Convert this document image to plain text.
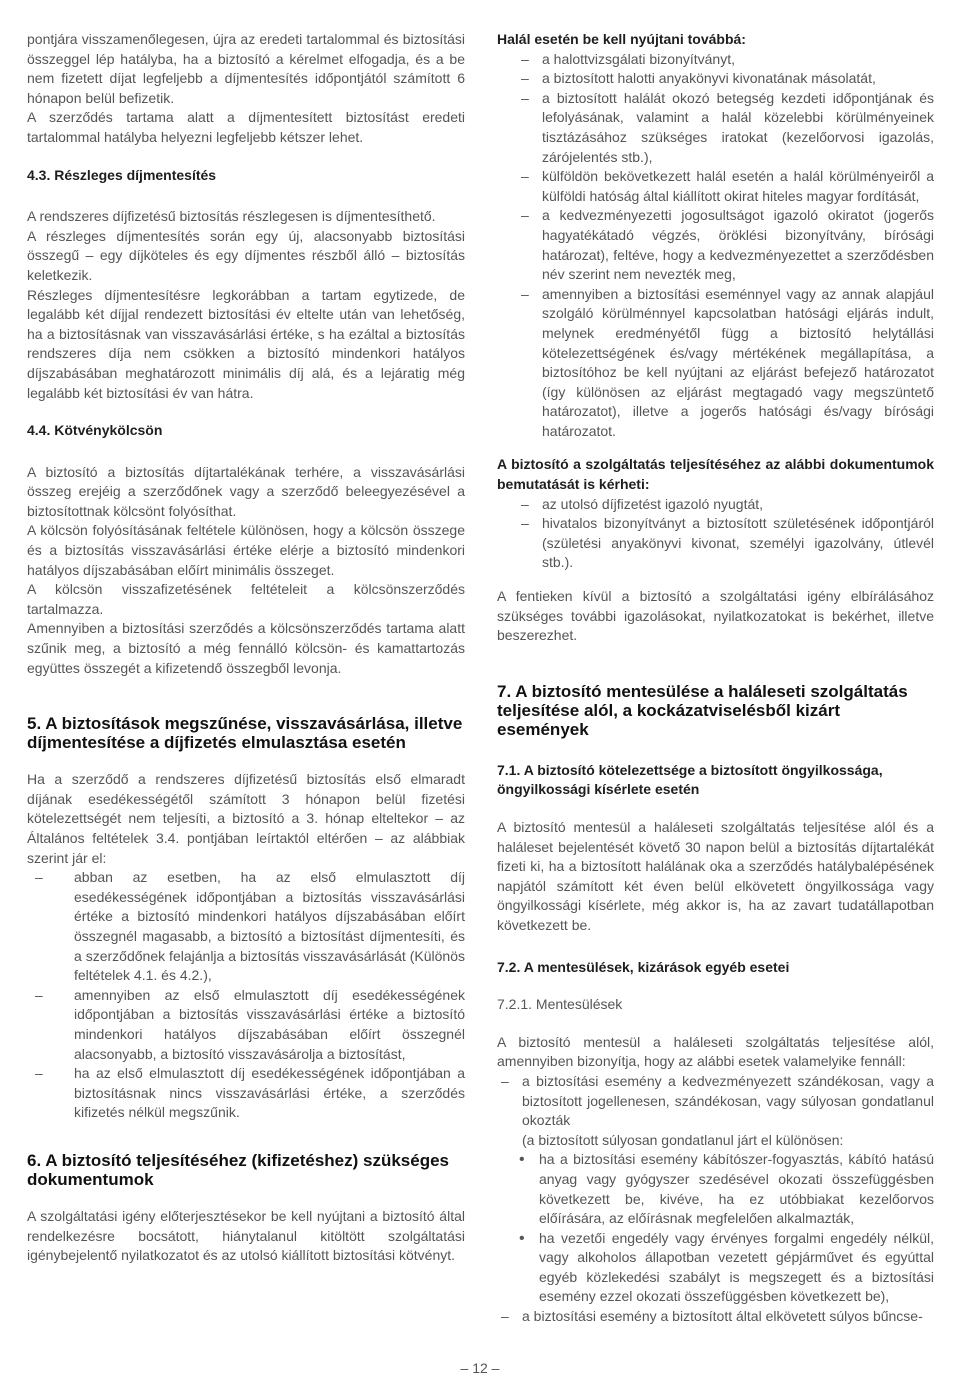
pontjára visszamenőlegesen, újra az eredeti tartalommal és biztosítási összeggel lép hatályba, ha a biztosító a kérelmet elfogadja, és a be nem fizetett díjat legfeljebb a díjmentesítés időpontjától számított 6 hónapon belül befizetik.

A szerződés tartama alatt a díjmentesített biztosítást eredeti tartalommal hatályba helyezni legfeljebb kétszer lehet.

4.3. Részleges díjmentesítés

A rendszeres díjfizetésű biztosítás részlegesen is díjmentesíthető.

A részleges díjmentesítés során egy új, alacsonyabb biztosítási összegű – egy díjköteles és egy díjmentes részből álló – biztosítás keletkezik.

Részleges díjmentesítésre legkorábban a tartam egytizede, de legalább két díjjal rendezett biztosítási év eltelte után van lehetőség, ha a biztosításnak van visszavásárlási értéke, s ha ezáltal a biztosítás rendszeres díja nem csökken a biztosító mindenkori hatályos díjszabásában meghatározott minimális díj alá, és a lejáratig még legalább két biztosítási év van hátra.

4.4. Kötvénykölcsön

A biztosító a biztosítás díjtartalékának terhére, a visszavásárlási összeg erejéig a szerződőnek vagy a szerződő beleegyezésével a biztosítottnak kölcsönt folyósíthat.

A kölcsön folyósításának feltétele különösen, hogy a kölcsön összege és a biztosítás visszavásárlási értéke elérje a biztosító mindenkori hatályos díjszabásában előírt minimális összeget.

A kölcsön visszafizetésének feltételeit a kölcsönszerződés tartalmazza.

Amennyiben a biztosítási szerződés a kölcsönszerződés tartama alatt szűnik meg, a biztosító a még fennálló kölcsön- és kamattartozás együttes összegét a kifizetendő összegből levonja.

5. A biztosítások megszűnése, visszavásárlása, illetve díjmentesítése a díjfizetés elmulasztása esetén

Ha a szerződő a rendszeres díjfizetésű biztosítás első elmaradt díjának esedékességétől számított 3 hónapon belül fizetési kötelezettségét nem teljesíti, a biztosító a 3. hónap elteltekor – az Általános feltételek 3.4. pontjában leírtaktól eltérően – az alábbiak szerint jár el:

– abban az esetben, ha az első elmulasztott díj esedékességének időpontjában a biztosítás visszavásárlási értéke a biztosító mindenkori hatályos díjszabásában előírt összegnél magasabb, a biztosító a biztosítást díjmentesíti, és a szerződőnek felajánlja a biztosítás visszavásárlását (Különös feltételek 4.1. és 4.2.),
– amennyiben az első elmulasztott díj esedékességének időpontjában a biztosítás visszavásárlási értéke a biztosító mindenkori hatályos díjszabásában előírt összegnél alacsonyabb, a biztosító visszavásárolja a biztosítást,
– ha az első elmulasztott díj esedékességének időpontjában a biztosításnak nincs visszavásárlási értéke, a szerződés kifizetés nélkül megszűnik.

6. A biztosító teljesítéséhez (kifizetéshez) szükséges dokumentumok

A szolgáltatási igény előterjesztésekor be kell nyújtani a biztosító által rendelkezésre bocsátott, hiánytalanul kitöltött szolgáltatási igénybejelentő nyilatkozatot és az utolsó kiállított biztosítási kötvényt.

Halál esetén be kell nyújtani továbbá:

– a halottvizsgálati bizonyítványt,
– a biztosított halotti anyakönyvi kivonatának másolatát,
– a biztosított halálát okozó betegség kezdeti időpontjának és lefolyásának, valamint a halál közelebbi körülményeinek tisztázásához szükséges iratokat (kezelőorvosi igazolás, zárójelentés stb.),
– külföldön bekövetkezett halál esetén a halál körülményeiről a külföldi hatóság által kiállított okirat hiteles magyar fordítását,
– a kedvezményezetti jogosultságot igazoló okiratot (jogerős hagyatékátadó végzés, öröklési bizonyítvány, bírósági határozat), feltéve, hogy a kedvezményezettet a szerződésben név szerint nem nevezték meg,
– amennyiben a biztosítási eseménnyel vagy az annak alapjául szolgáló körülménnyel kapcsolatban hatósági eljárás indult, melynek eredményétől függ a biztosító helytállási kötelezettségének és/vagy mértékének megállapítása, a biztosítóhoz be kell nyújtani az eljárást befejező határozatot (így különösen az eljárást megtagadó vagy megszüntető határozatot), illetve a jogerős hatósági és/vagy bírósági határozatot.

A biztosító a szolgáltatás teljesítéséhez az alábbi dokumentumok bemutatását is kérheti:

– az utolsó díjfizetést igazoló nyugtát,
– hivatalos bizonyítványt a biztosított születésének időpontjáról (születési anyakönyvi kivonat, személyi igazolvány, útlevél stb.).

A fentieken kívül a biztosító a szolgáltatási igény elbírálásához szükséges további igazolásokat, nyilatkozatokat is bekérhet, illetve beszerezhet.

7. A biztosító mentesülése a haláleseti szolgáltatás teljesítése alól, a kockázatviselésből kizárt események

7.1. A biztosító kötelezettsége a biztosított öngyilkossága, öngyilkossági kísérlete esetén

A biztosító mentesül a haláleseti szolgáltatás teljesítése alól és a haláleset bejelentését követő 30 napon belül a biztosítás díjtartalékát fizeti ki, ha a biztosított halálának oka a szerződés hatálybalépésének napjától számított két éven belül elkövetett öngyilkossága vagy öngyilkossági kísérlete, még akkor is, ha az zavart tudatállapotban következett be.

7.2. A mentesülések, kizárások egyéb esetei

7.2.1. Mentesülések

A biztosító mentesül a haláleseti szolgáltatás teljesítése alól, amennyiben bizonyítja, hogy az alábbi esetek valamelyike fennáll:

– a biztosítási esemény a kedvezményezett szándékosan, vagy a biztosított jogellenesen, szándékosan, vagy súlyosan gondatlanul okozták

(a biztosított súlyosan gondatlanul járt el különösen:

• ha a biztosítási esemény kábítószer-fogyasztás, kábító hatású anyag vagy gyógyszer szedésével okozati összefüggésben következett be, kivéve, ha ez utóbbiakat kezelőorvos előírására, az előírásnak megfelelően alkalmazták,
• ha vezetői engedély vagy érvényes forgalmi engedély nélkül, vagy alkoholos állapotban vezetett gépjárművet és egyúttal egyéb közlekedési szabályt is megszegett és a biztosítási esemény ezzel okozati összefüggésben következett be),

– a biztosítási esemény a biztosított által elkövetett súlyos bűncse-

– 12 –
